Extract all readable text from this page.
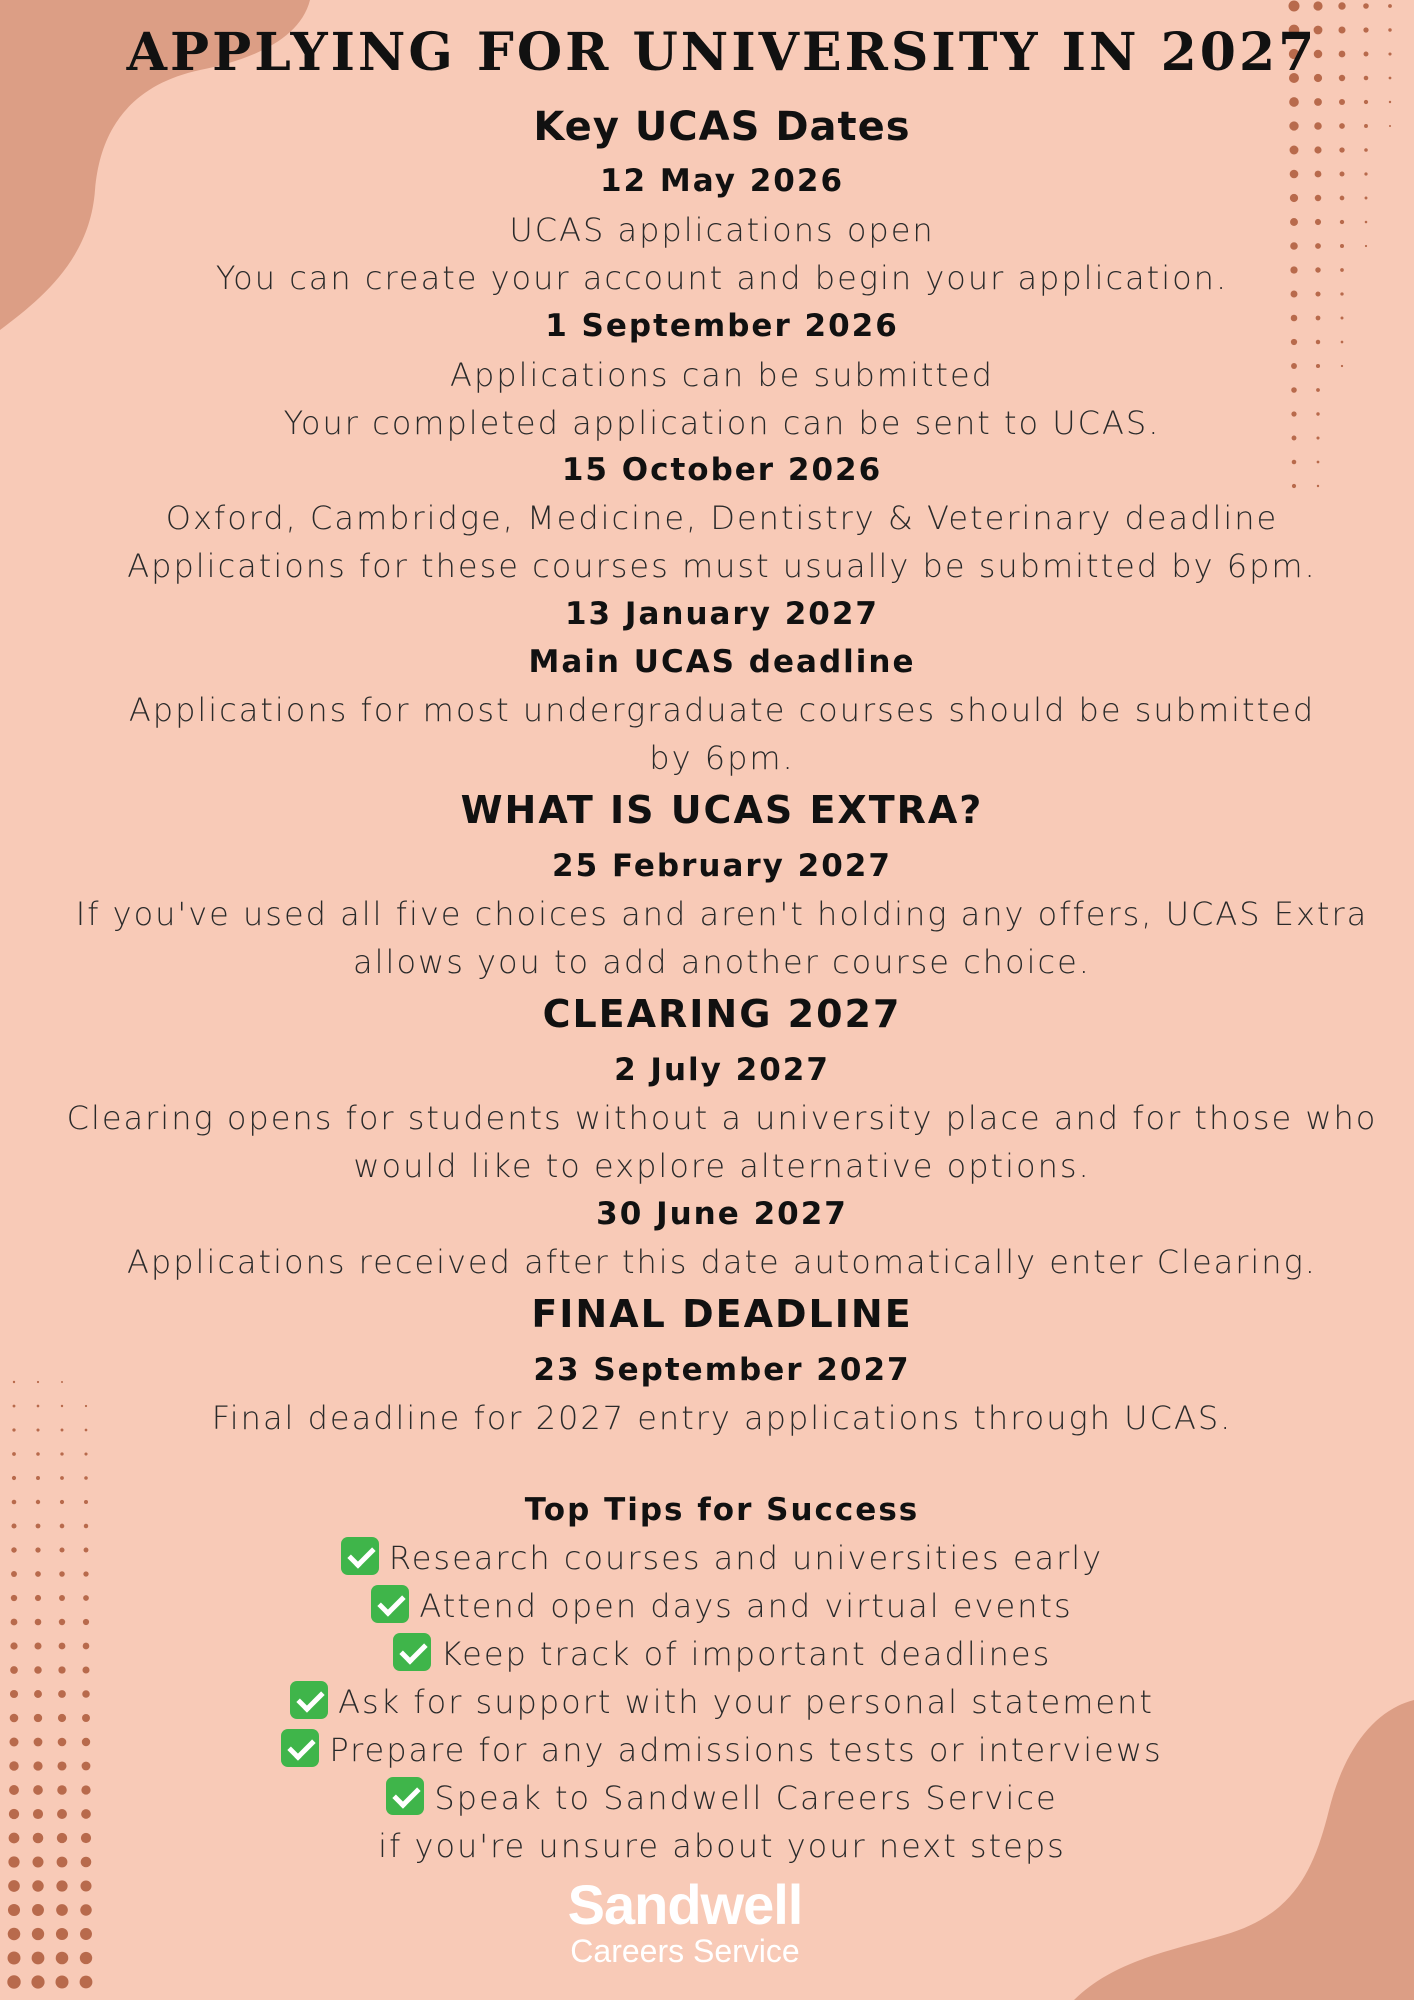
APPLYING FOR UNIVERSITY IN 2027
Key UCAS Dates
12 May 2026
UCAS applications open
You can create your account and begin your application.
1 September 2026
Applications can be submitted
Your completed application can be sent to UCAS.
15 October 2026
Oxford, Cambridge, Medicine, Dentistry & Veterinary deadline
Applications for these courses must usually be submitted by 6pm.
13 January 2027
Main UCAS deadline
Applications for most undergraduate courses should be submitted
by 6pm.
WHAT IS UCAS EXTRA?
25 February 2027
If you've used all five choices and aren't holding any offers, UCAS Extra
allows you to add another course choice.
CLEARING 2027
2 July 2027
Clearing opens for students without a university place and for those who
would like to explore alternative options.
30 June 2027
Applications received after this date automatically enter Clearing.
FINAL DEADLINE
23 September 2027
Final deadline for 2027 entry applications through UCAS.
Top Tips for Success
Research courses and universities early
Attend open days and virtual events
Keep track of important deadlines
Ask for support with your personal statement
Prepare for any admissions tests or interviews
Speak to Sandwell Careers Service
if you're unsure about your next steps
Sandwell
Careers Service
